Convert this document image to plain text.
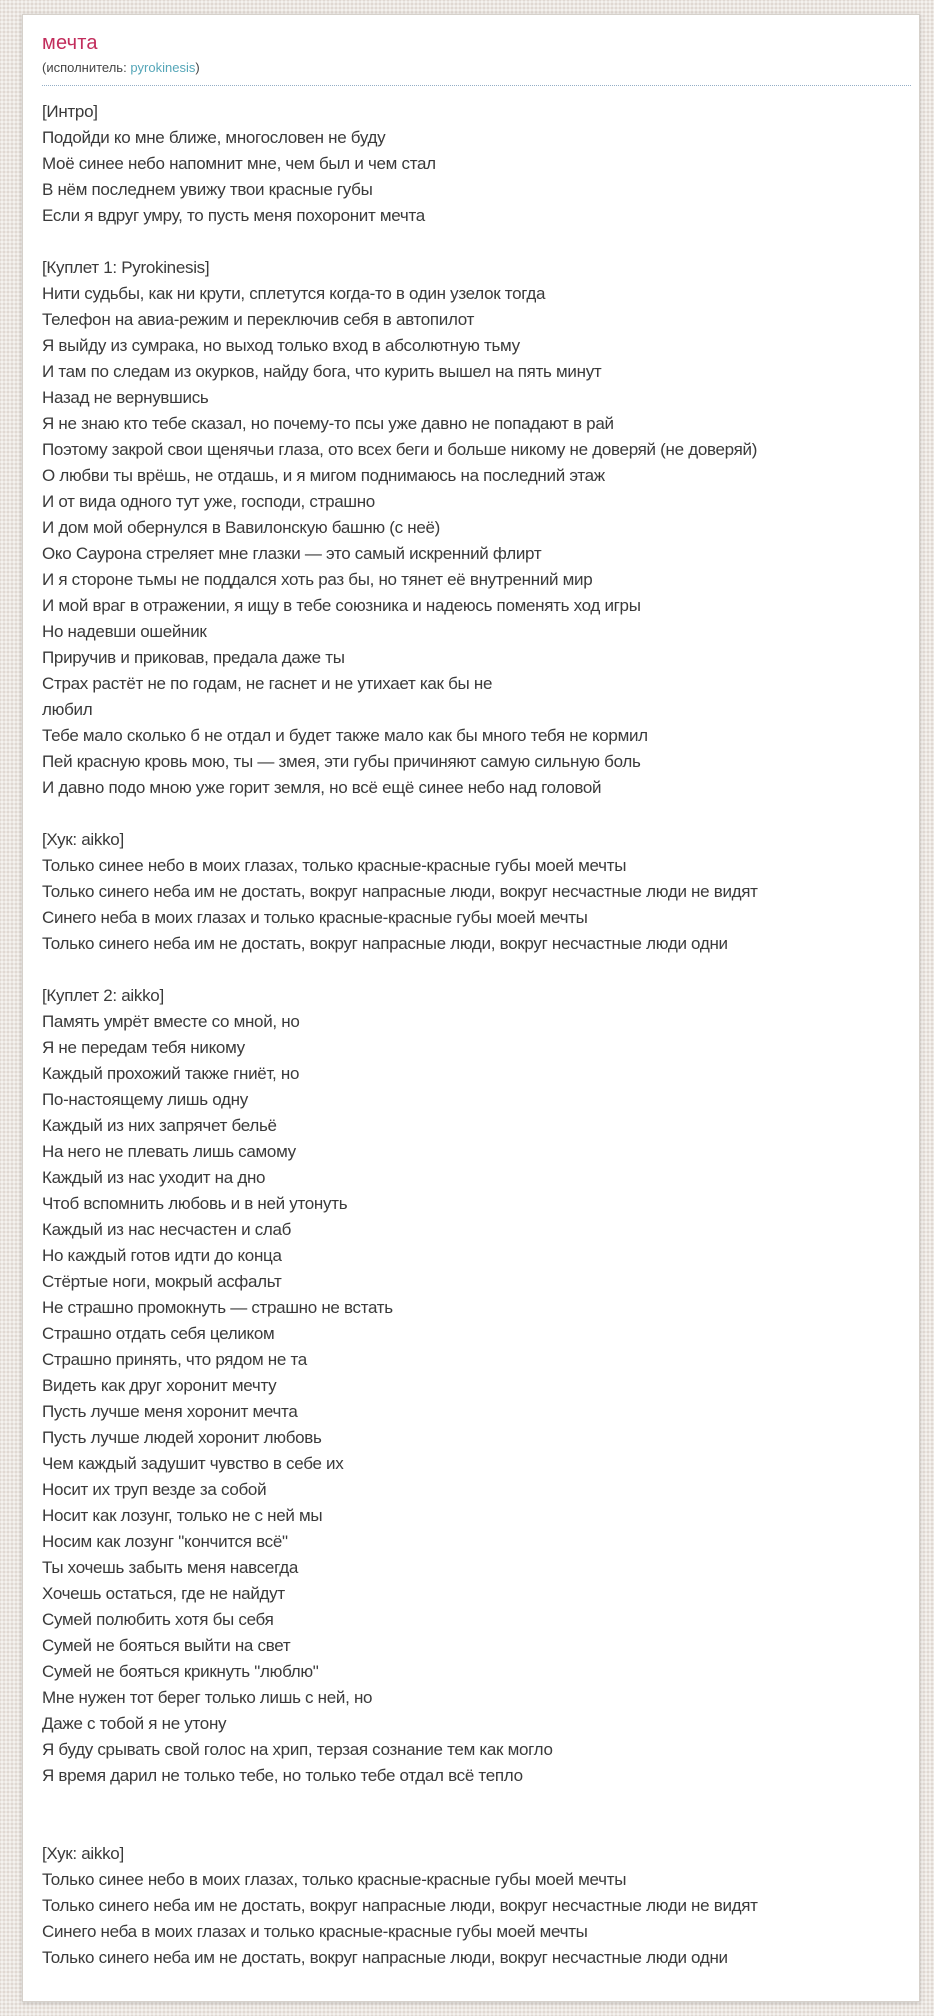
мечта
(исполнитель: pyrokinesis)
[Интро]
Подойди ко мне ближе, многословен не буду
Моё синее небо напомнит мне, чем был и чем стал
В нём последнем увижу твои красные губы
Если я вдруг умру, то пусть меня похоронит мечта
[Куплет 1: Pyrokinesis]
Нити судьбы, как ни крути, сплетутся когда-то в один узелок тогда
Телефон на авиа-режим и переключив себя в автопилот
Я выйду из сумрака, но выход только вход в абсолютную тьму
И там по следам из окурков, найду бога, что курить вышел на пять минут
Назад не вернувшись
Я не знаю кто тебе сказал, но почему-то псы уже давно не попадают в рай
Поэтому закрой свои щенячьи глаза, ото всех беги и больше никому не доверяй (не доверяй)
О любви ты врёшь, не отдашь, и я мигом поднимаюсь на последний этаж
И от вида одного тут уже, господи, страшно
И дом мой обернулся в Вавилонскую башню (с неё)
Око Саурона стреляет мне глазки — это самый искренний флирт
И я стороне тьмы не поддался хоть раз бы, но тянет её внутренний мир
И мой враг в отражении, я ищу в тебе союзника и надеюсь поменять ход игры
Но надевши ошейник
Приручив и приковав, предала даже ты
Страх растёт не по годам, не гаснет и не утихает как бы не
любил
Тебе мало сколько б не отдал и будет также мало как бы много тебя не кормил
Пей красную кровь мою, ты — змея, эти губы причиняют самую сильную боль
И давно подо мною уже горит земля, но всё ещё синее небо над головой
[Хук: aikko]
Только синее небо в моих глазах, только красные-красные губы моей мечты
Только синего неба им не достать, вокруг напрасные люди, вокруг несчастные люди не видят
Синего неба в моих глазах и только красные-красные губы моей мечты
Только синего неба им не достать, вокруг напрасные люди, вокруг несчастные люди одни
[Куплет 2: aikko]
Память умрёт вместе со мной, но
Я не передам тебя никому
Каждый прохожий также гниёт, но
По-настоящему лишь одну
Каждый из них запрячет бельё
На него не плевать лишь самому
Каждый из нас уходит на дно
Чтоб вспомнить любовь и в ней утонуть
Каждый из нас несчастен и слаб
Но каждый готов идти до конца
Стёртые ноги, мокрый асфальт
Не страшно промокнуть — страшно не встать
Страшно отдать себя целиком
Страшно принять, что рядом не та
Видеть как друг хоронит мечту
Пусть лучше меня хоронит мечта
Пусть лучше людей хоронит любовь
Чем каждый задушит чувство в себе их
Носит их труп везде за собой
Носит как лозунг, только не с ней мы
Носим как лозунг "кончится всё"
Ты хочешь забыть меня навсегда
Хочешь остаться, где не найдут
Сумей полюбить хотя бы себя
Сумей не бояться выйти на свет
Сумей не бояться крикнуть "люблю"
Мне нужен тот берег только лишь с ней, но
Даже с тобой я не утону
Я буду срывать свой голос на хрип, терзая сознание тем как могло
Я время дарил не только тебе, но только тебе отдал всё тепло
[Хук: aikko]
Только синее небо в моих глазах, только красные-красные губы моей мечты
Только синего неба им не достать, вокруг напрасные люди, вокруг несчастные люди не видят
Синего неба в моих глазах и только красные-красные губы моей мечты
Только синего неба им не достать, вокруг напрасные люди, вокруг несчастные люди одни
